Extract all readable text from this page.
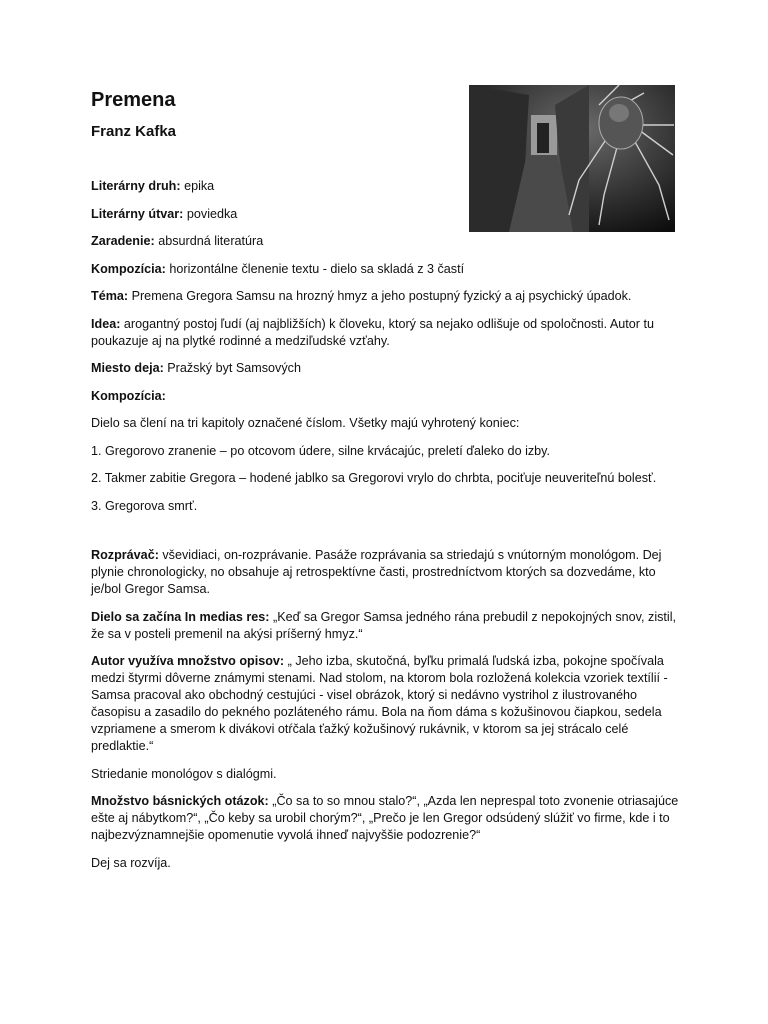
Premena
Franz Kafka

Literárny druh: epika

Literárny útvar: poviedka

Zaradenie: absurdná literatúra

Kompozícia: horizontálne členenie textu - dielo sa skladá z 3 častí

Téma: Premena Gregora Samsu na hrozný hmyz a jeho postupný fyzický a aj psychický úpadok.

Idea: arogantný postoj ľudí (aj najbližších) k človeku, ktorý sa nejako odlišuje od spoločnosti. Autor tu poukazuje aj na plytké rodinné a medziľudské vzťahy.

Miesto deja: Pražský byt Samsových

Kompozícia:

Dielo sa člení na tri kapitoly označené číslom. Všetky majú vyhrotený koniec:

1. Gregorovo zranenie – po otcovom údere, silne krvácajúc, preletí ďaleko do izby.

2. Takmer zabitie Gregora – hodené jablko sa Gregorovi vrylo do chrbta, pociťuje neuveriteľnú bolesť.

3. Gregorova smrť.

Rozprávač: vševidiaci, on-rozprávanie. Pasáže rozprávania sa striedajú s vnútorným monológom. Dej plynie chronologicky, no obsahuje aj retrospektívne časti, prostredníctvom ktorých sa dozvedáme, kto je/bol Gregor Samsa.

Dielo sa začína In medias res: „Keď sa Gregor Samsa jedného rána prebudil z nepokojných snov, zistil, že sa v posteli premenil na akýsi príšerný hmyz.“

Autor využíva množstvo opisov: „ Jeho izba, skutočná, byľku primalá ľudská izba, pokojne spočívala medzi štyrmi dôverne známymi stenami. Nad stolom, na ktorom bola rozložená kolekcia vzoriek textílií - Samsa pracoval ako obchodný cestujúci - visel obrázok, ktorý si nedávno vystrihol z ilustrovaného časopisu a zasadilo do pekného pozláteného rámu. Bola na ňom dáma s kožušinovou čiapkou, sedela vzpriamene a smerom k divákovi otŕčala ťažký kožušinový rukávnik, v ktorom sa jej strácalo celé predlaktie.“

Striedanie monológov s dialógmi.

Množstvo básnických otázok: „Čo sa to so mnou stalo?“, „Azda len neprespal toto zvonenie otriasajúce ešte aj nábytkom?“, „Čo keby sa urobil chorým?“, „Prečo je len Gregor odsúdený slúžiť vo firme, kde i to najbezvýznamnejšie opomenutie vyvolá ihneď najvyššie podozrenie?“

Dej sa rozvíja.
